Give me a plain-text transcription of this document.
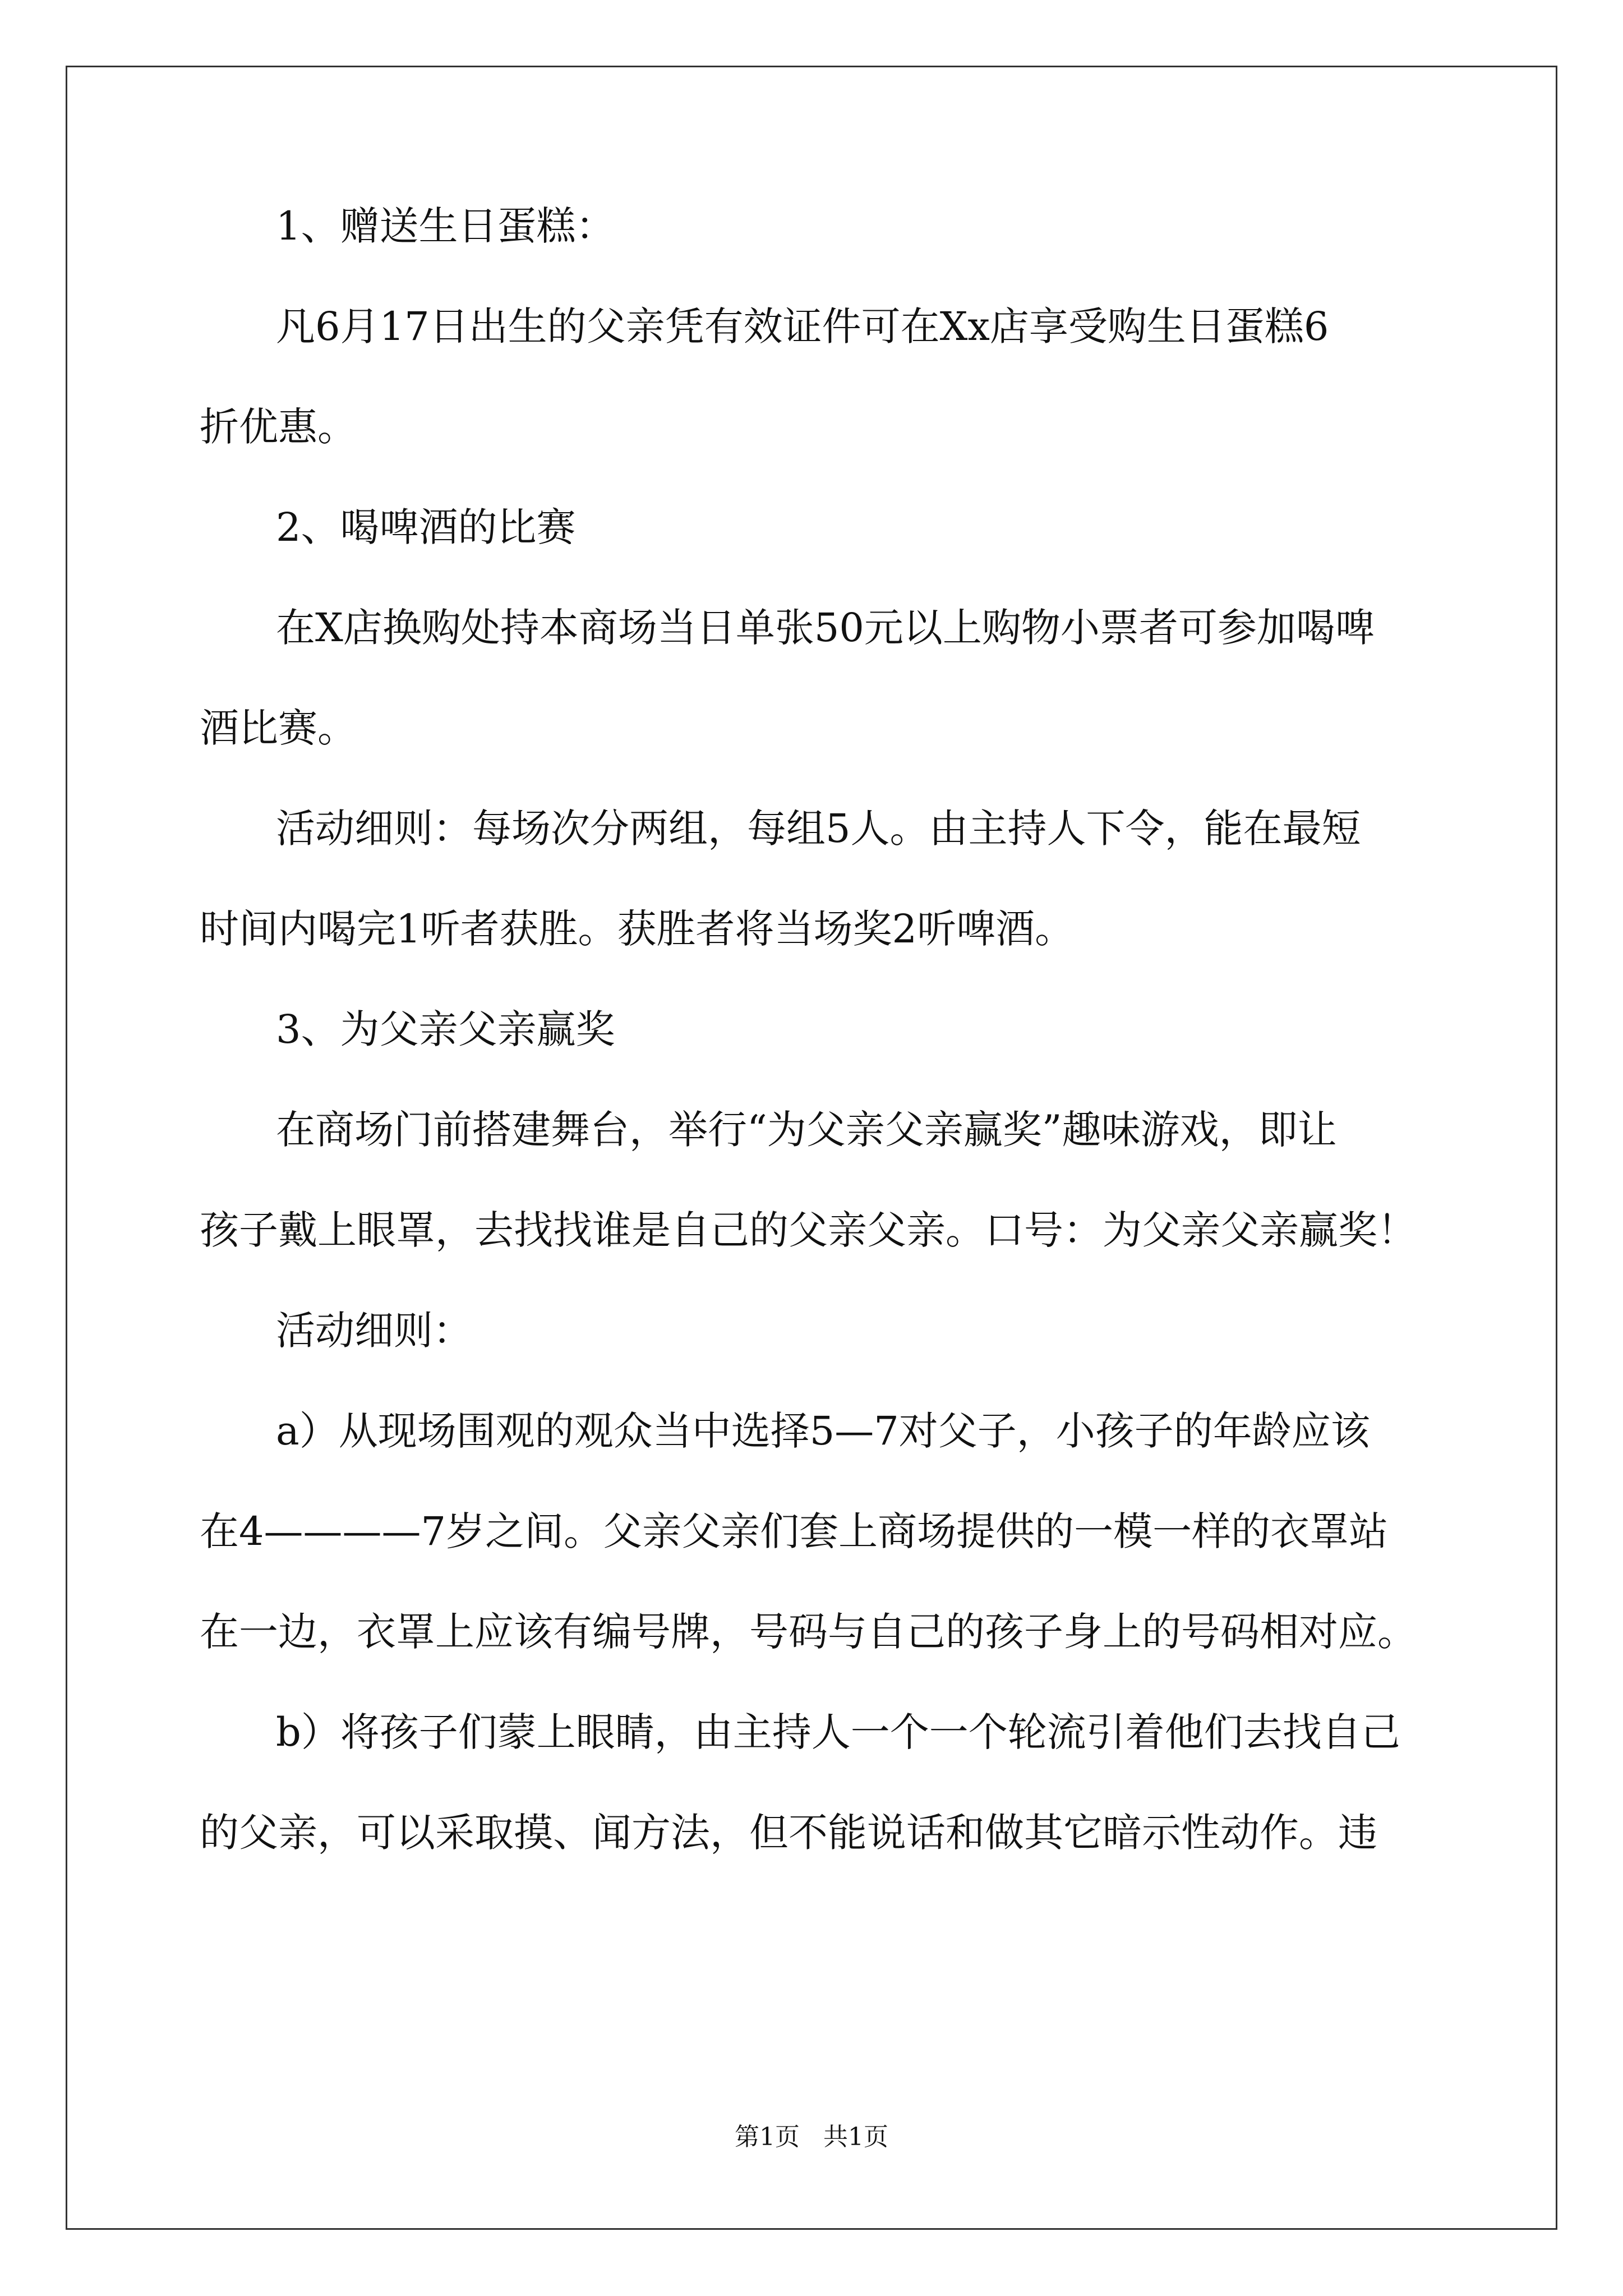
1、赠送生日蛋糕：
凡6月17日出生的父亲凭有效证件可在Xx店享受购生日蛋糕6
折优惠。
2、喝啤酒的比赛
在X店换购处持本商场当日单张50元以上购物小票者可参加喝啤
酒比赛。
活动细则：每场次分两组，每组5人。由主持人下令，能在最短
时间内喝完1听者获胜。获胜者将当场奖2听啤酒。
3、为父亲父亲赢奖
在商场门前搭建舞台，举行“为父亲父亲赢奖”趣味游戏，即让
孩子戴上眼罩，去找找谁是自己的父亲父亲。口号：为父亲父亲赢奖！
活动细则：
a）从现场围观的观众当中选择5—7对父子，小孩子的年龄应该
在4————7岁之间。父亲父亲们套上商场提供的一模一样的衣罩站
在一边，衣罩上应该有编号牌，号码与自己的孩子身上的号码相对应。
b）将孩子们蒙上眼睛，由主持人一个一个轮流引着他们去找自己
的父亲，可以采取摸、闻方法，但不能说话和做其它暗示性动作。违
第1页   共1页
